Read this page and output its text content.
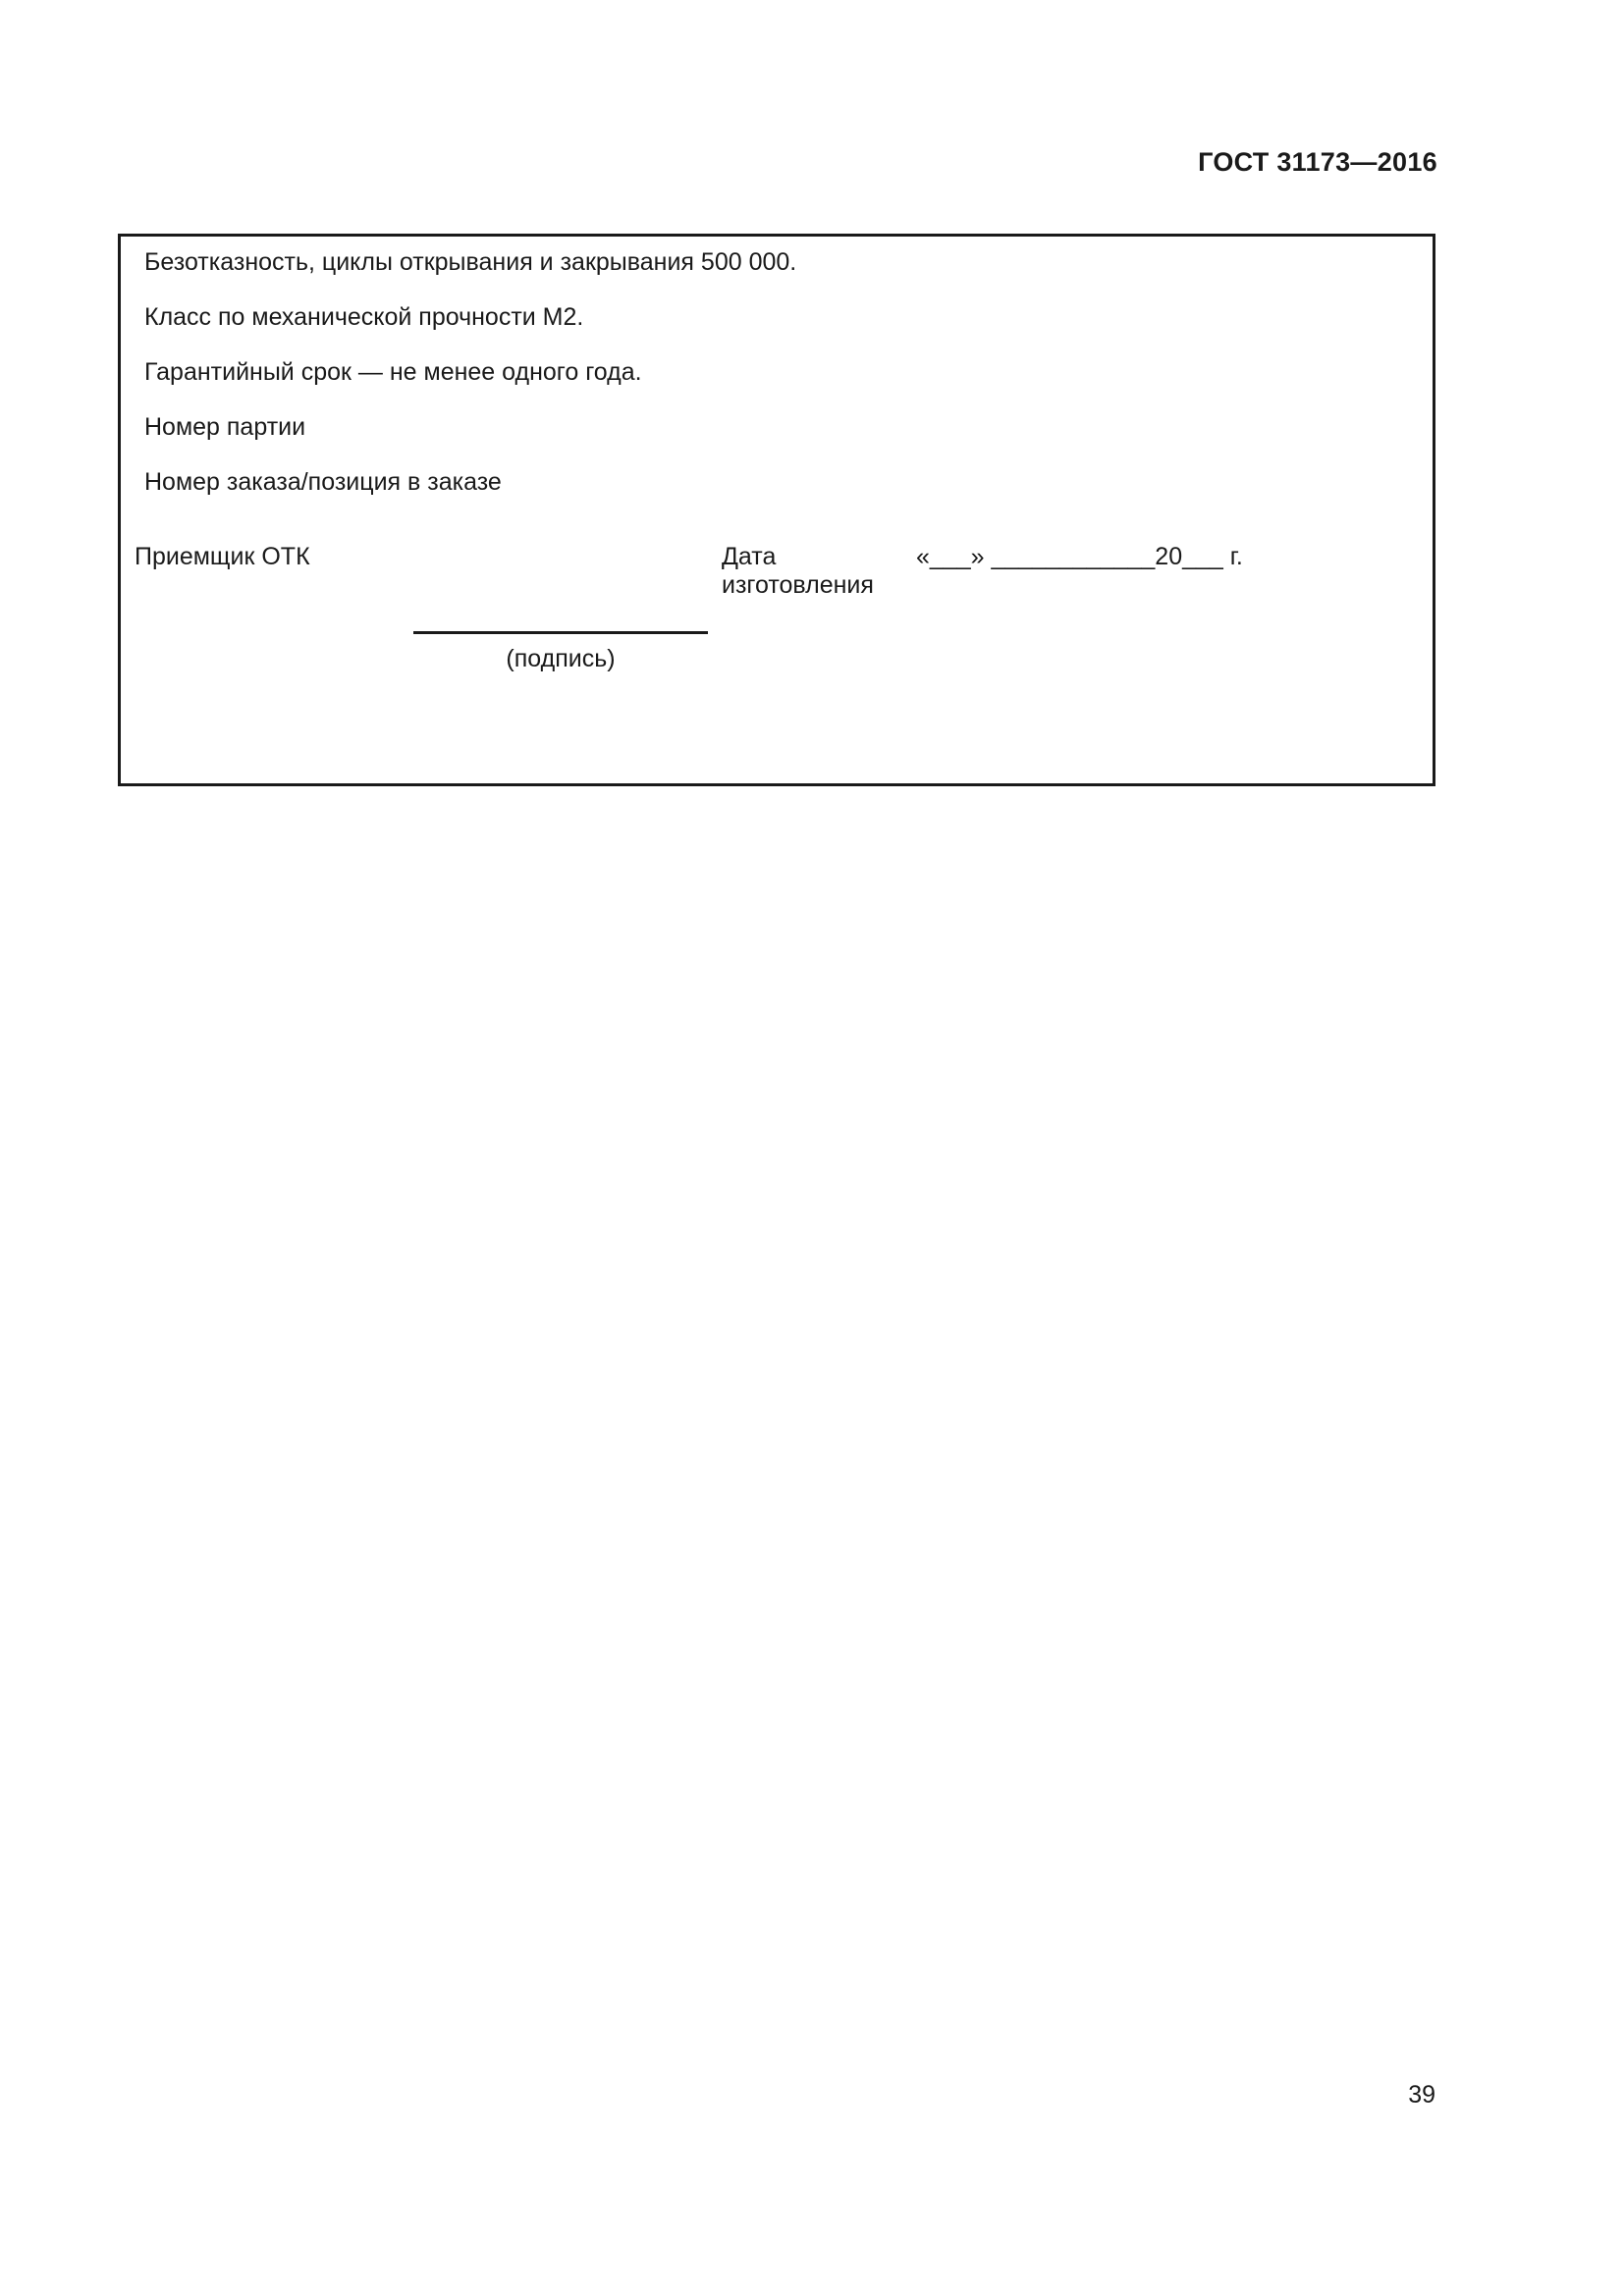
ГОСТ 31173—2016
Безотказность, циклы открывания и закрывания 500 000.
Класс по механической прочности М2.
Гарантийный срок — не менее одного года.
Номер партии
Номер заказа/позиция в заказе
Приемщик ОТК	Дата
изготовления
«___» ____________20___ г.
(подпись)
39
